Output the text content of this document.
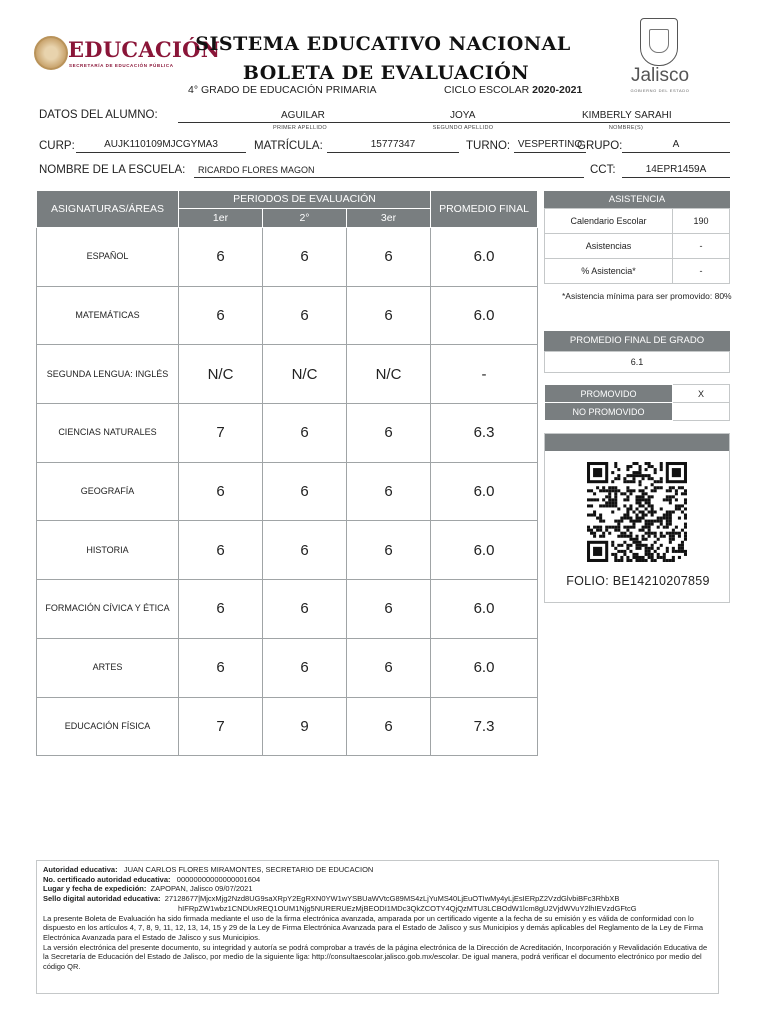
EDUCACIÓN
SECRETARÍA DE EDUCACIÓN PÚBLICA
SISTEMA EDUCATIVO NACIONAL
BOLETA DE EVALUACIÓN
4° GRADO DE EDUCACIÓN PRIMARIA	CICLO ESCOLAR 2020-2021
Jalisco
GOBIERNO DEL ESTADO
DATOS DEL ALUMNO:	AGUILAR
PRIMER APELLIDO
JOYA
SEGUNDO APELLIDO
KIMBERLY SARAHI
NOMBRE(S)
CURP:	AUJK110109MJCGYMA3	MATRÍCULA:	15777347	TURNO: VESPERTINO
GRUPO:	A
NOMBRE DE LA ESCUELA:	RICARDO FLORES MAGON	CCT:	14EPR1459A
ASIGNATURAS/ÁREAS	PERIODOS DE EVALUACIÓN			PROMEDIO FINAL
	1er	2°	3er	
ESPAÑOL	6	6	6	6.0
MATEMÁTICAS	6	6	6	6.0
SEGUNDA LENGUA: INGLÉS	N/C	N/C	N/C	-
CIENCIAS NATURALES	7	6	6	6.3
GEOGRAFÍA	6	6	6	6.0
HISTORIA	6	6	6	6.0
FORMACIÓN CÍVICA Y ÉTICA	6	6	6	6.0
ARTES	6	6	6	6.0
EDUCACIÓN FÍSICA	7	9	6	7.3
ASISTENCIA
Calendario Escolar	190
Asistencias	-
% Asistencia*	-
*Asistencia mínima para ser promovido: 80%
PROMEDIO FINAL DE GRADO
6.1
PROMOVIDO	X
NO PROMOVIDO	
FOLIO: BE14210207859
Autoridad educativa: JUAN CARLOS FLORES MIRAMONTES, SECRETARIO DE EDUCACION
No. certificado autoridad educativa: 00000000000000001604
Lugar y fecha de expedición: ZAPOPAN, Jalisco 09/07/2021
Sello digital autoridad educativa: 27128677|MjcxMjg2Nzd8UG9saXRpY2EgRXN0YW1wYSBUaWVtcG89MS4zLjYuMS40LjEuOTIwMy4yLjEsIERpZ2VzdGlvbiBFc3RhbXB
hIFRpZW1wbz1CNDUxREQ1OUM1Njg5NURERUEzMjBEODI1MDc3QkZCOTY4QjQzMTU3LCBOdW1lcm8gU2VjdWVuY2lhIEVzdGFtcG
La presente Boleta de Evaluación ha sido firmada mediante el uso de la firma electrónica avanzada, amparada por un certificado vigente a la fecha de su emisión y es válida de conformidad con lo dispuesto en los artículos 4, 7, 8, 9, 11, 12, 13, 14, 15 y 29 de la Ley de Firma Electrónica Avanzada para el Estado de Jalisco y sus Municipios y demás aplicables del Reglamento de la Ley de Firma Electrónica Avanzada para el Estado de Jalisco y sus Municipios.
La versión electrónica del presente documento, su integridad y autoría se podrá comprobar a través de la página electrónica de la Dirección de Acreditación, Incorporación y Revalidación Educativa de la Secretaría de Educación del Estado de Jalisco, por medio de la siguiente liga: http://consultaescolar.jalisco.gob.mx/escolar. De igual manera, podrá verificar el documento electrónico por medio del código QR.
